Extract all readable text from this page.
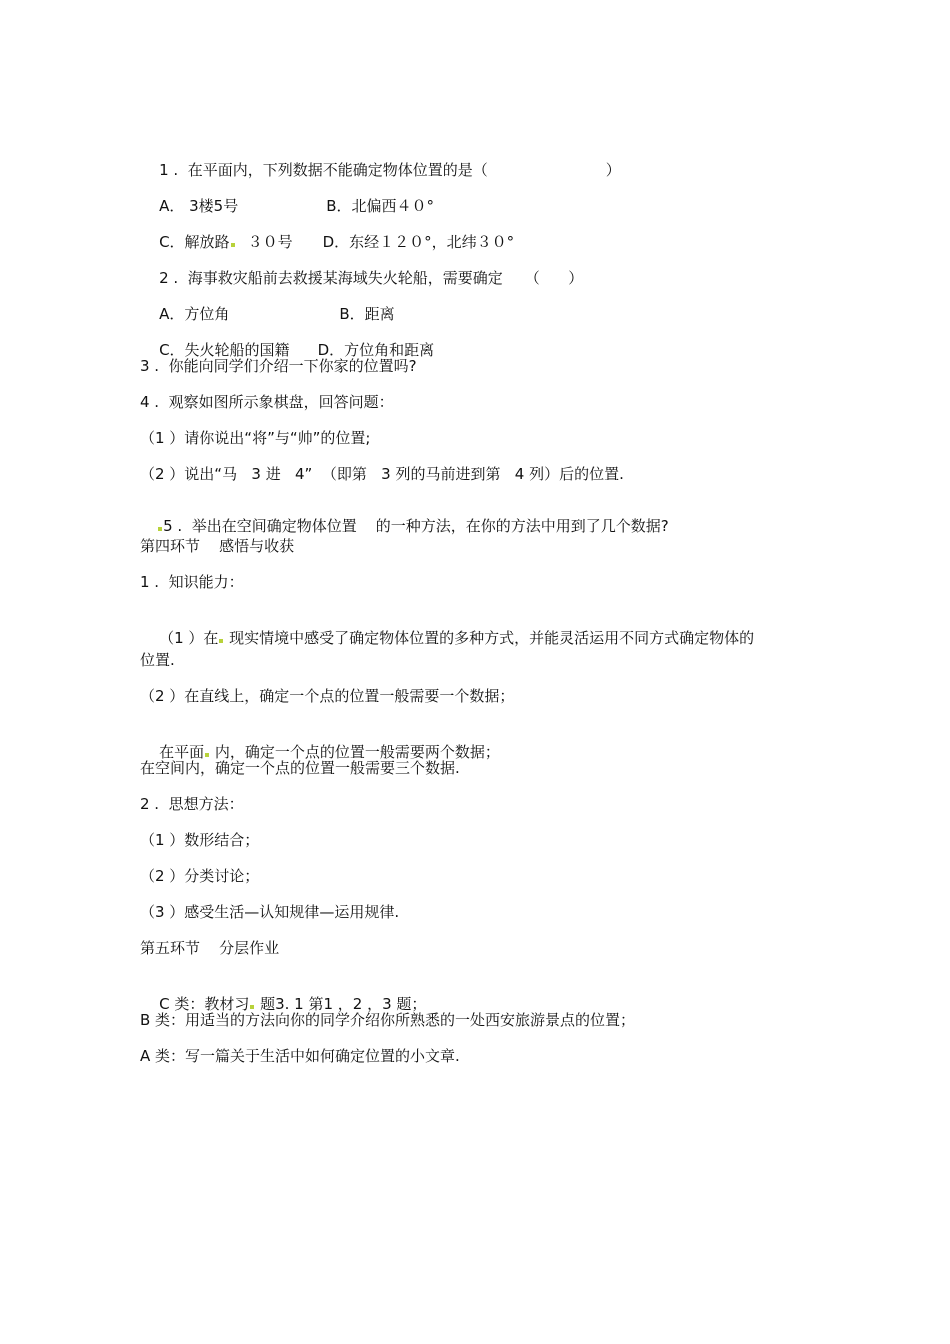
1 .  在平面内，下列数据不能确定物体位置的是（	）

A． 3楼5号	B．北偏西４０°

C．解放路 ３０号 D．东经１２０°，北纬３０°

2 .  海事救灾船前去救援某海域失火轮船，需要确定 （      ）

A．方位角	B．距离

C．失火轮船的国籍 D．方位角和距离

3 .  你能向同学们介绍一下你家的位置吗?
4 .  观察如图所示象棋盘，回答问题：
（1 ）请你说出“将”与“帅”的位置;
（2 ）说出“马   3 进   4”  （即第   3 列的马前进到第   4 列）后的位置.

5 .  举出在空间确定物体位置    的一种方法，在你的方法中用到了几个数据?

第四环节    感悟与收获
1 .  知识能力：

（1 ）在 现实情境中感受了确定物体位置的多种方式，并能灵活运用不同方式确定物体的

位置.
（2 ）在直线上，确定一个点的位置一般需要一个数据；

在平面 内，确定一个点的位置一般需要两个数据；

在空间内，确定一个点的位置一般需要三个数据.
2 .  思想方法：
（1 ）数形结合；
（2 ）分类讨论；
（3 ）感受生活—认知规律—运用规律.
第五环节    分层作业

C 类：教材习 题3. 1 第1 ，2 ，3 题；

B 类：用适当的方法向你的同学介绍你所熟悉的一处西安旅游景点的位置；
A 类：写一篇关于生活中如何确定位置的小文章.
